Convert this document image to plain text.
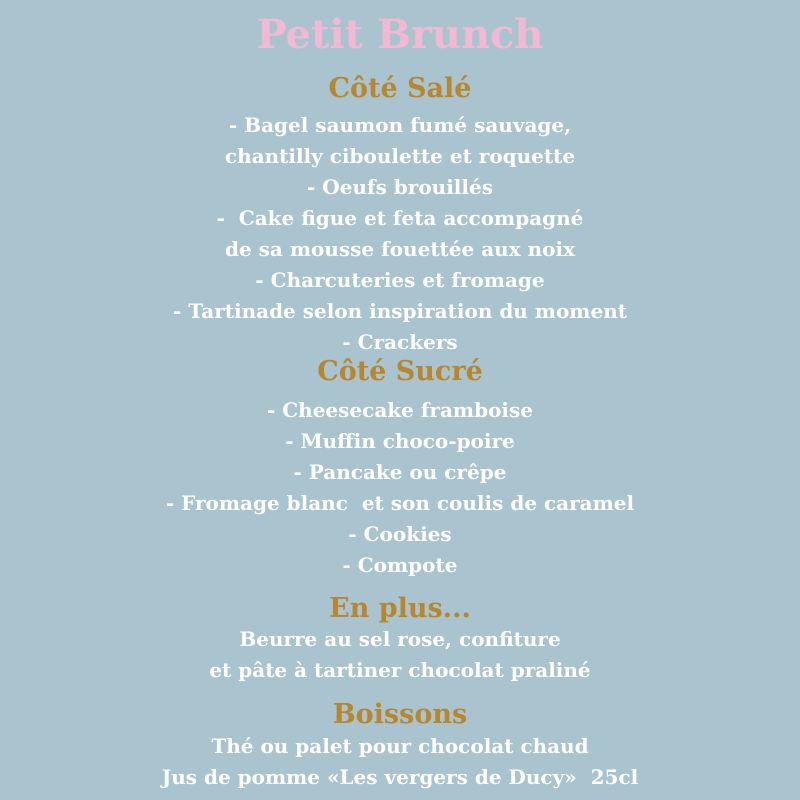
Petit Brunch
Côté Salé

- Bagel saumon fumé sauvage,

chantilly ciboulette et roquette

- Oeufs brouillés

-  Cake figue et feta accompagné

de sa mousse fouettée aux noix

- Charcuteries et fromage

- Tartinade selon inspiration du moment

- Crackers

Côté Sucré

- Cheesecake framboise

- Muffin choco-poire

- Pancake ou crêpe

- Fromage blanc  et son coulis de caramel

- Cookies

- Compote

En plus...

Beurre au sel rose, confiture

et pâte à tartiner chocolat praliné

Boissons

Thé ou palet pour chocolat chaud

Jus de pomme «Les vergers de Ducy»  25cl
